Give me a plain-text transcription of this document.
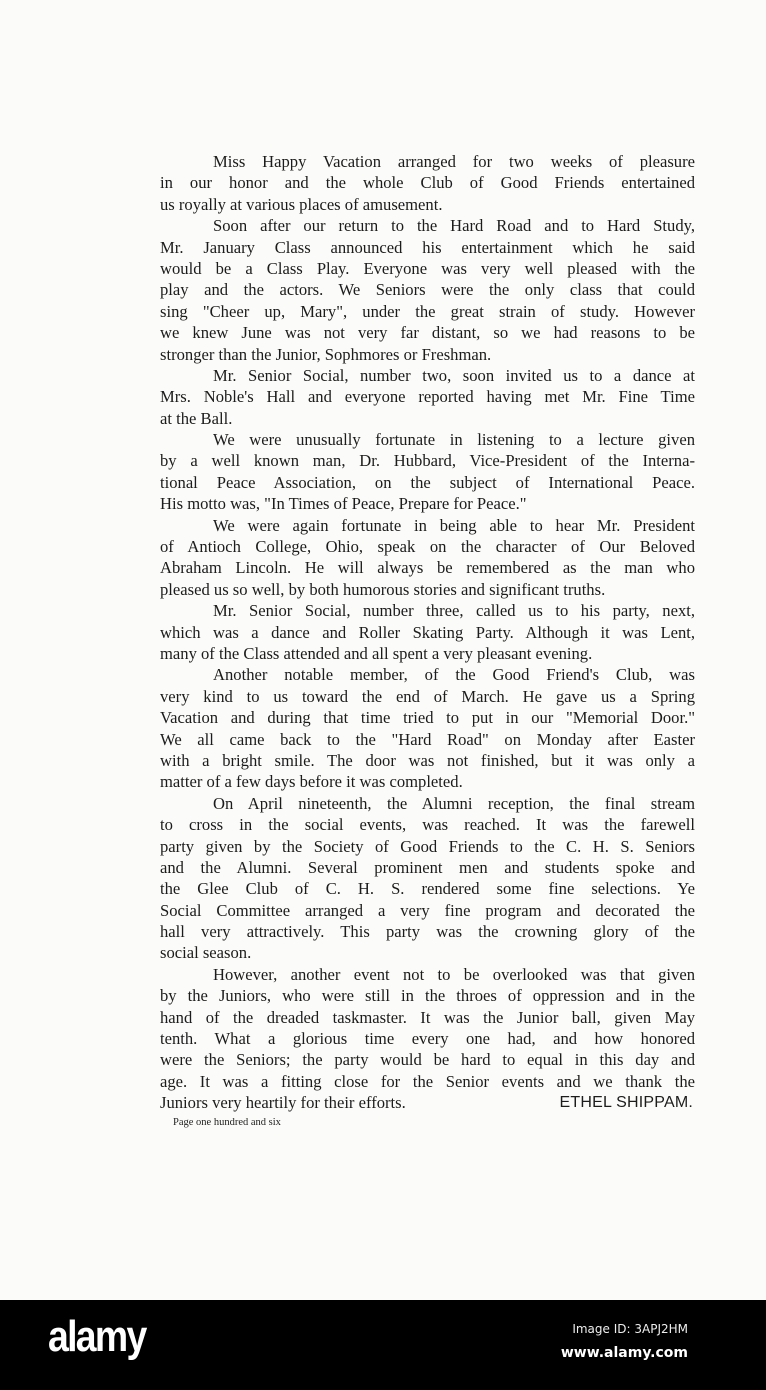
Miss Happy Vacation arranged for two weeks of pleasure
in our honor and the whole Club of Good Friends entertained
us royally at various places of amusement.
Soon after our return to the Hard Road and to Hard Study,
Mr. January Class announced his entertainment which he said
would be a Class Play. Everyone was very well pleased with the
play and the actors. We Seniors were the only class that could
sing "Cheer up, Mary", under the great strain of study. However
we knew June was not very far distant, so we had reasons to be
stronger than the Junior, Sophmores or Freshman.
Mr. Senior Social, number two, soon invited us to a dance at
Mrs. Noble's Hall and everyone reported having met Mr. Fine Time
at the Ball.
We were unusually fortunate in listening to a lecture given
by a well known man, Dr. Hubbard, Vice-President of the Interna-
tional Peace Association, on the subject of International Peace.
His motto was, "In Times of Peace, Prepare for Peace."
We were again fortunate in being able to hear Mr. President
of Antioch College, Ohio, speak on the character of Our Beloved
Abraham Lincoln. He will always be remembered as the man who
pleased us so well, by both humorous stories and significant truths.
Mr. Senior Social, number three, called us to his party, next,
which was a dance and Roller Skating Party. Although it was Lent,
many of the Class attended and all spent a very pleasant evening.
Another notable member, of the Good Friend's Club, was
very kind to us toward the end of March. He gave us a Spring
Vacation and during that time tried to put in our "Memorial Door."
We all came back to the "Hard Road" on Monday after Easter
with a bright smile. The door was not finished, but it was only a
matter of a few days before it was completed.
On April nineteenth, the Alumni reception, the final stream
to cross in the social events, was reached. It was the farewell
party given by the Society of Good Friends to the C. H. S. Seniors
and the Alumni. Several prominent men and students spoke and
the Glee Club of C. H. S. rendered some fine selections. Ye
Social Committee arranged a very fine program and decorated the
hall very attractively. This party was the crowning glory of the
social season.
However, another event not to be overlooked was that given
by the Juniors, who were still in the throes of oppression and in the
hand of the dreaded taskmaster. It was the Junior ball, given May
tenth. What a glorious time every one had, and how honored
were the Seniors; the party would be hard to equal in this day and
age. It was a fitting close for the Senior events and we thank the
Juniors very heartily for their efforts.	ETHEL SHIPPAM.
Page one hundred and six
alamy	Image ID: 3APJ2HM
www.alamy.com
